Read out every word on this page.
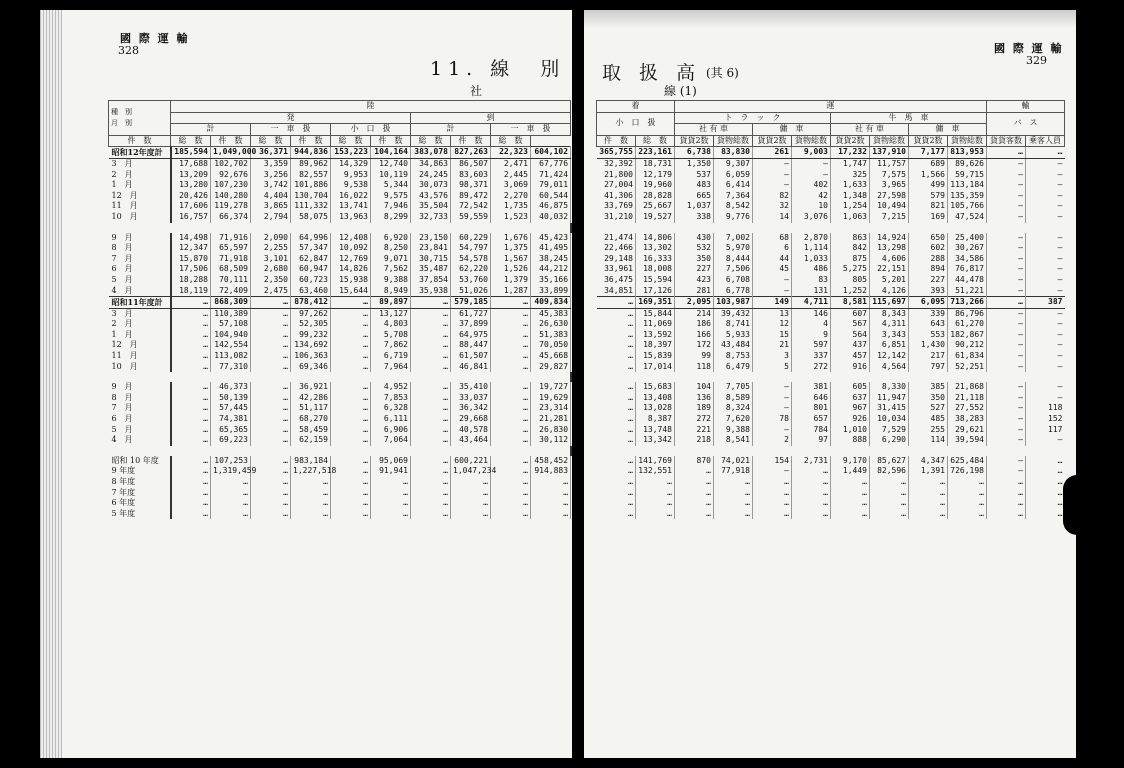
國 際 運 輸
328
11. 線　別
社
種　 別
月　 別	陸									
	発						到			
	計		一　車　扱		小　口　扱		計		一　車　扱	
件　数	総　数	件　数	総　数	件　数	総　数	件　数	総　数	件　数	総　数	
昭和12年度計	185,594	1,049,000	36,371	944,836	153,223	104,164	383,078	827,263	22,323	604,102
3　月	17,688	102,702	3,359	89,962	14,329	12,740	34,863	86,507	2,471	67,776
2　月	13,209	92,676	3,256	82,557	9,953	10,119	24,245	83,603	2,445	71,424
1　月	13,280	107,230	3,742	101,886	9,538	5,344	30,073	98,371	3,069	79,011
12　月	20,426	140,280	4,404	130,704	16,022	9,575	43,576	89,472	2,270	60,544
11　月	17,606	119,278	3,865	111,332	13,741	7,946	35,504	72,542	1,735	46,875
10　月	16,757	66,374	2,794	58,075	13,963	8,299	32,733	59,559	1,523	40,032

9　月	14,498	71,916	2,090	64,996	12,408	6,920	23,150	60,229	1,676	45,423
8　月	12,347	65,597	2,255	57,347	10,092	8,250	23,841	54,797	1,375	41,495
7　月	15,870	71,918	3,101	62,847	12,769	9,071	30,715	54,578	1,567	38,245
6　月	17,506	68,509	2,680	60,947	14,826	7,562	35,487	62,220	1,526	44,212
5　月	18,288	70,111	2,350	60,723	15,938	9,388	37,854	53,760	1,379	35,166
4　月	18,119	72,409	2,475	63,460	15,644	8,949	35,938	51,026	1,287	33,899
昭和11年度計	…	868,309	…	878,412	…	89,897	…	579,185	…	409,834
3　月	…	110,389	…	97,262	…	13,127	…	61,727	…	45,383
2　月	…	57,108	…	52,305	…	4,803	…	37,899	…	26,630
1　月	…	104,940	…	99,232	…	5,708	…	64,975	…	51,383
12　月	…	142,554	…	134,692	…	7,862	…	88,447	…	70,050
11　月	…	113,082	…	106,363	…	6,719	…	61,507	…	45,668
10　月	…	77,310	…	69,346	…	7,964	…	46,841	…	29,827

9　月	…	46,373	…	36,921	…	4,952	…	35,410	…	19,727
8　月	…	50,139	…	42,286	…	7,853	…	33,037	…	19,629
7　月	…	57,445	…	51,117	…	6,328	…	36,342	…	23,314
6　月	…	74,381	…	68,270	…	6,111	…	29,668	…	21,281
5　月	…	65,365	…	58,459	…	6,906	…	40,578	…	26,830
4　月	…	69,223	…	62,159	…	7,064	…	43,464	…	30,112

昭和 10 年度	…	107,253	…	983,184	…	95,069	…	600,221	…	458,452
9 年度	…	1,319,459	…	1,227,518	…	91,941	…	1,047,234	…	914,883
8 年度	…	…	…	…	…	…	…	…	…	…
7 年度	…	…	…	…	…	…	…	…	…	…
6 年度	…	…	…	…	…	…	…	…	…	…
5 年度	…	…	…	…	…	…	…	…	…	…
國 際 運 輸
329
取 扱 高 (其 6)
線 (1)
着		運								輸	
小　口　扱		ト　ラ　ッ　ク				牛　馬　車				バ　ス	
		社 有 車		傭　車		社 有 車		傭　車			
件　数	総　数	貨貨2数	貨物総数	貨貨2数	貨物総数	貨貨2数	貨物総数	貨貨2数	貨物総数	貨貨客数	乗客人員
365,755	223,161	6,738	83,830	261	9,003	17,232	137,910	7,177	813,953	…	…
32,392	18,731	1,350	9,307	—	—	1,747	11,757	689	89,626	—	—
21,800	12,179	537	6,059	—	—	325	7,575	1,566	59,715	—	—
27,004	19,960	483	6,414	—	402	1,633	3,965	499	113,184	—	—
41,306	28,828	665	7,364	82	42	1,348	27,598	579	135,359	—	—
33,769	25,667	1,037	8,542	32	10	1,254	10,494	821	105,766	—	—
31,210	19,527	338	9,776	14	3,076	1,063	7,215	169	47,524	—	—

21,474	14,806	430	7,002	68	2,870	863	14,924	650	25,400	—	—
22,466	13,302	532	5,970	6	1,114	842	13,298	602	30,267	—	—
29,148	16,333	350	8,444	44	1,033	875	4,606	288	34,586	—	—
33,961	18,008	227	7,506	45	486	5,275	22,151	894	76,817	—	—
36,475	15,594	423	6,708	—	83	805	5,201	227	44,478	—	—
34,851	17,126	281	6,778	—	131	1,252	4,126	393	51,221	—	—
…	169,351	2,095	103,987	149	4,711	8,581	115,697	6,095	713,266	…	387
…	15,844	214	39,432	13	146	607	8,343	339	86,796	—	—
…	11,069	186	8,741	12	4	567	4,311	643	61,270	—	—
…	13,592	166	5,933	15	9	564	3,343	553	182,867	—	—
…	18,397	172	43,484	21	597	437	6,851	1,430	90,212	—	—
…	15,839	99	8,753	3	337	457	12,142	217	61,834	—	—
…	17,014	118	6,479	5	272	916	4,564	797	52,251	—	—

…	15,683	104	7,705	—	381	605	8,330	385	21,868	—	—
…	13,408	136	8,589	—	646	637	11,947	350	21,118	—	—
…	13,028	189	8,324	—	801	967	31,415	527	27,552	—	118
…	8,387	272	7,620	78	657	926	10,034	485	38,283	—	152
…	13,748	221	9,388	—	784	1,010	7,529	255	29,621	—	117
…	13,342	218	8,541	2	97	888	6,290	114	39,594	—	—

…	141,769	870	74,021	154	2,731	9,170	85,627	4,347	625,484	—	…
…	132,551	…	77,918	—	…	1,449	82,596	1,391	726,198	—	…
…	…	…	…	…	…	…	…	…	…	…	…
…	…	…	…	…	…	…	…	…	…	…	…
…	…	…	…	…	…	…	…	…	…	…	…
…	…	…	…	…	…	…	…	…	…	…	…
